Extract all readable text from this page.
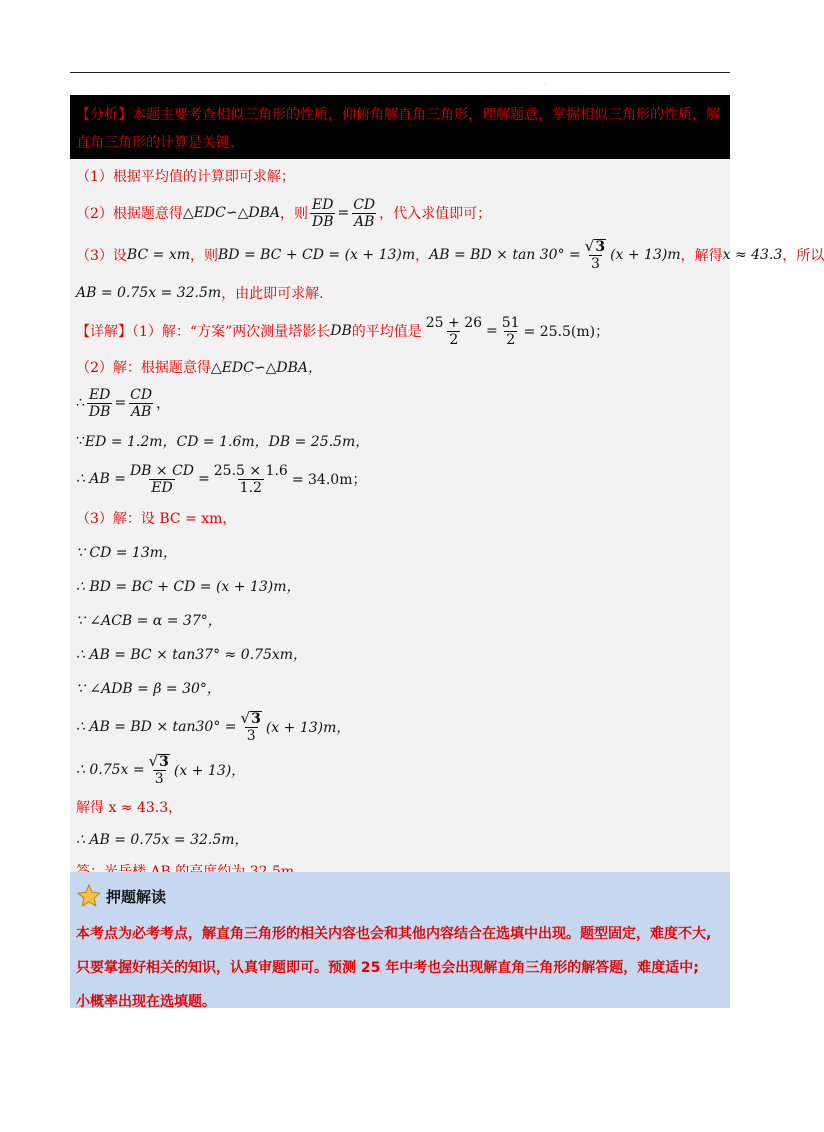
.
【分析】本题主要考查相似三角形的性质，仰俯角解直角三角形，理解题意，掌握相似三角形的性质，解直角三角形的计算是关键.
（1）根据平均值的计算即可求解；
（2）根据题意得 △EDC∽△DBA ，则 $\frac{ED}{DB} = \frac{CD}{AB}$ ，代入求值即可；
（3）设 BC = xm ，则 BD = BC + CD = (x + 13)m ， AB = BD × $\tan 30^\circ = \frac{√ 3}{3} (x + 13)m$ ，解得 x ≈ 43.3 ，所以
AB = 0.75x = 32.5m ，由此即可求解.
【详解】（1）解：“方案”两次测量塔影长 DB 的平均值是 $\frac{25 + 26}{2} = \frac{51}{2} = 25.5(m)$；
（2）解：根据题意得 △EDC∽△DBA，
∴ $\frac{ED}{DB} = \frac{CD}{AB}$ ，
∵ ED = 1.2m，CD = 1.6m，DB = 25.5m，
∴ AB = $\frac{DB \times CD}{ED} = \frac{25.5 \times 1.6}{1.2} = 34.0m$；
（3）解：设 BC = xm，
∵ CD = 13m，
∴ BD = BC + CD = (x + 13)m，
∵ ∠ACB = α = 37°，
∴ AB = BC × tan37° ≈ 0.75xm，
∵ ∠ADB = β = 30°，
∴ AB = BD × $\tan 30^\circ = \frac{√ 3}{3} (x + 13)m$，
∴ $0.75x = \frac{√ 3}{3} (x + 13)$，
解得 x ≈ 43.3，
∴ AB = 0.75x = 32.5m，
押题解读
本考点为必考考点，解直角三角形的相关内容也会和其他内容结合在选填中出现。题型固定，难度不大,
只要掌握好相关的知识，认真审题即可。预测 25 年中考也会出现解直角三角形的解答题，难度适中;
小概率出现在选填题。
